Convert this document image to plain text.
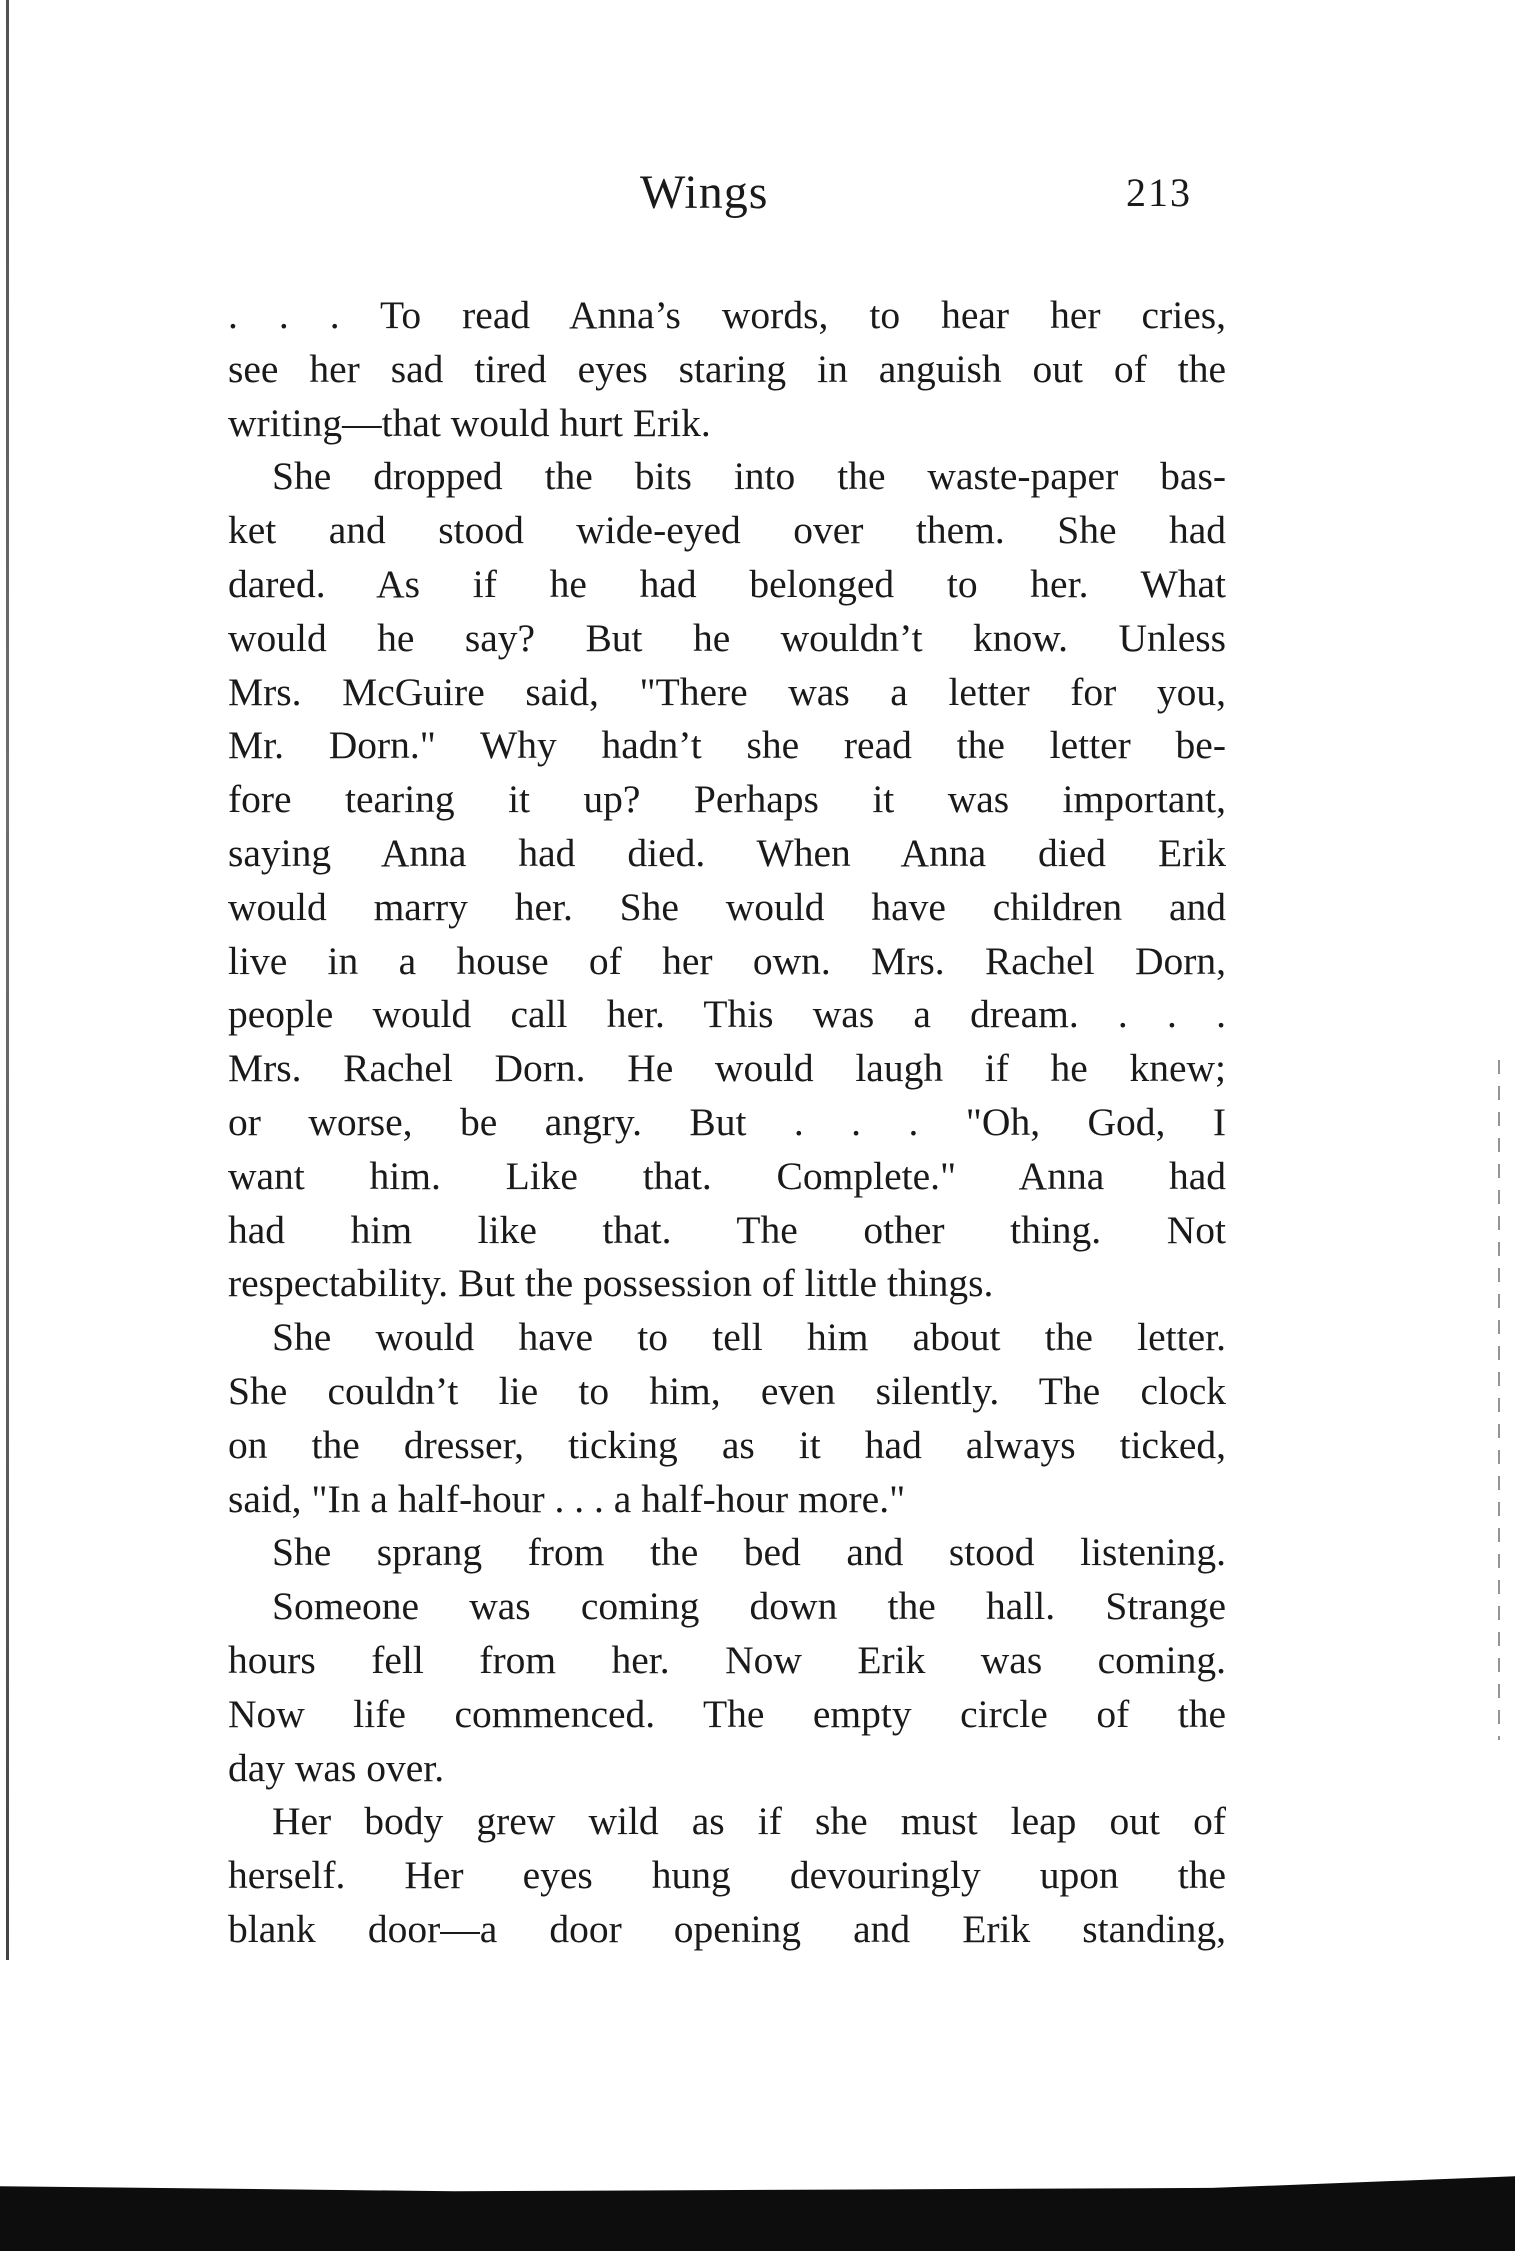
Wings	213
. . . To read Anna’s words, to hear her cries,
see her sad tired eyes staring in anguish out of the
writing—that would hurt Erik.
She dropped the bits into the waste-paper bas-
ket and stood wide-eyed over them. She had
dared. As if he had belonged to her. What
would he say? But he wouldn’t know. Unless
Mrs. McGuire said, "There was a letter for you,
Mr. Dorn." Why hadn’t she read the letter be-
fore tearing it up? Perhaps it was important,
saying Anna had died. When Anna died Erik
would marry her. She would have children and
live in a house of her own. Mrs. Rachel Dorn,
people would call her. This was a dream. . . .
Mrs. Rachel Dorn. He would laugh if he knew;
or worse, be angry. But . . . "Oh, God, I
want him. Like that. Complete." Anna had
had him like that. The other thing. Not
respectability. But the possession of little things.
She would have to tell him about the letter.
She couldn’t lie to him, even silently. The clock
on the dresser, ticking as it had always ticked,
said, "In a half-hour . . . a half-hour more."
She sprang from the bed and stood listening.
Someone was coming down the hall. Strange
hours fell from her. Now Erik was coming.
Now life commenced. The empty circle of the
day was over.
Her body grew wild as if she must leap out of
herself. Her eyes hung devouringly upon the
blank door—a door opening and Erik standing,
